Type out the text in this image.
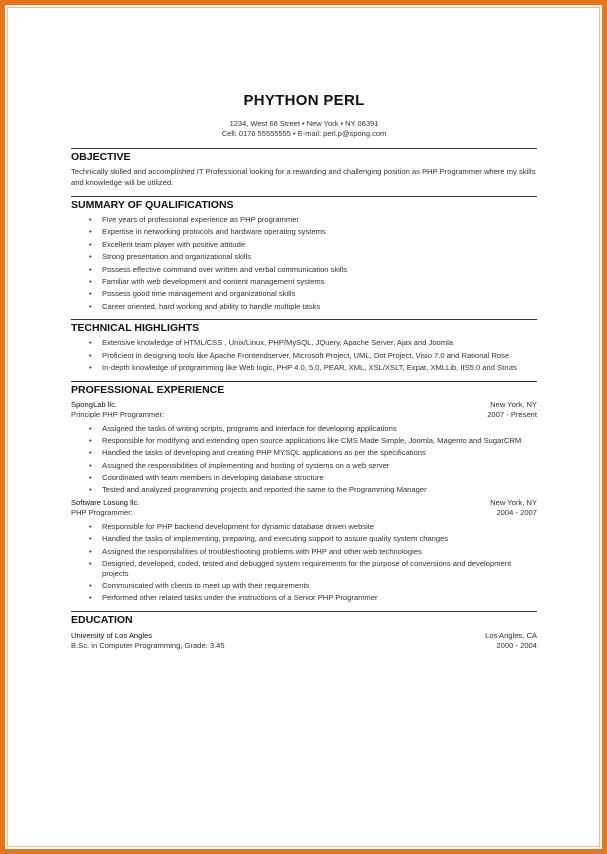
PHYTHON PERL
1234, West 68 Street • New York • NY 06391
Cell: 0176 55555555 • E-mail: perl.p@spong.com
OBJECTIVE
Technically skilled and accomplished IT Professional looking for a rewarding and challenging position as PHP Programmer where my skills and knowledge will be utilized.
SUMMARY OF QUALIFICATIONS
• Five years of professional experience as PHP programmer
• Expertise in networking protocols and hardware operating systems
• Excellent team player with positive attitude
• Strong presentation and organizational skills
• Possess effective command over written and verbal communication skills
• Familiar with web development and content management systems
• Possess good time management and organizational skills
• Career oriented, hard working and ability to handle multiple tasks
TECHNICAL HIGHLIGHTS
• Extensive knowledge of HTML/CSS , Unix/Linux, PHP/MySQL, JQuery, Apache Server, Ajax and Joomla
• Proficient in designing tools like Apache Frontendserver, Microsoft Project, UML, Dot Project, Visio 7.0 and Rational Rose
• In-depth knowledge of programming like Web logic, PHP 4.0, 5.0, PEAR, XML, XSL/XSLT, Expat, XMLLib, IIS5.0 and Struts
PROFESSIONAL EXPERIENCE
SpongLab llc.	New York, NY
Principle PHP Programmer:	2007 - Present
• Assigned the tasks of writing scripts, programs and interface for developing applications
• Responsible for modifying and extending open source applications like CMS Made Simple, Joomla, Magento and SugarCRM
• Handled the tasks of developing and creating PHP MYSQL applications as per the specifications
• Assigned the responsibilities of implementing and hosting of systems on a web server
• Coordinated with team members in developing database structure
• Tested and analyzed programming projects and reported the same to the Programming Manager
Software Losung llc.	New York, NY
PHP Programmer:	2004 - 2007
• Responsible for PHP backend development for dynamic database driven website
• Handled the tasks of implementing, preparing, and executing support to assure quality system changes
• Assigned the responsibilities of troubleshooting problems with PHP and other web technologies
• Designed, developed, coded, tested and debugged system requirements for the purpose of conversions and development projects
• Communicated with clients to meet up with their requirements
• Performed other related tasks under the instructions of a Senior PHP Programmer
EDUCATION
University of Los Angles	Los Angles, CA
B.Sc. in Computer Programming, Grade: 3.45	2000 - 2004
